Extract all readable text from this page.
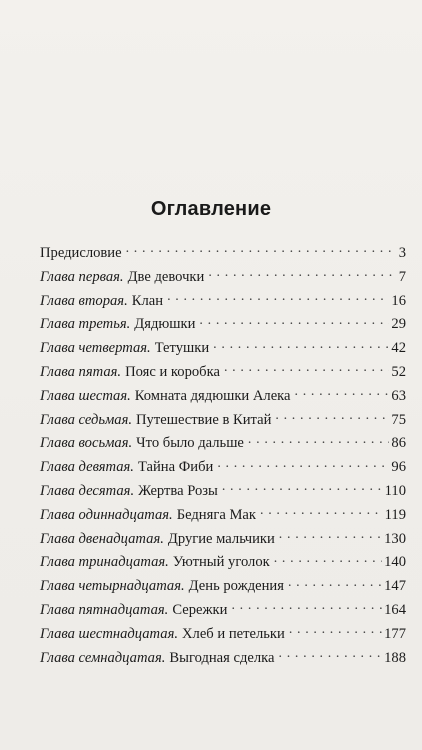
Оглавление
Предисловие . . .	3
Глава первая. Две девочки . . .	7
Глава вторая. Клан . . .	16
Глава третья. Дядюшки . . .	29
Глава четвертая. Тетушки . . .	42
Глава пятая. Пояс и коробка . . .	52
Глава шестая. Комната дядюшки Алека . . .	63
Глава седьмая. Путешествие в Китай . . .	75
Глава восьмая. Что было дальше . . .	86
Глава девятая. Тайна Фиби . . .	96
Глава десятая. Жертва Розы . . .	110
Глава одиннадцатая. Бедняга Мак . . .	119
Глава двенадцатая. Другие мальчики . . .	130
Глава тринадцатая. Уютный уголок . . .	140
Глава четырнадцатая. День рождения . . .	147
Глава пятнадцатая. Сережки . . .	164
Глава шестнадцатая. Хлеб и петельки . . .	177
Глава семнадцатая. Выгодная сделка . . .	188
